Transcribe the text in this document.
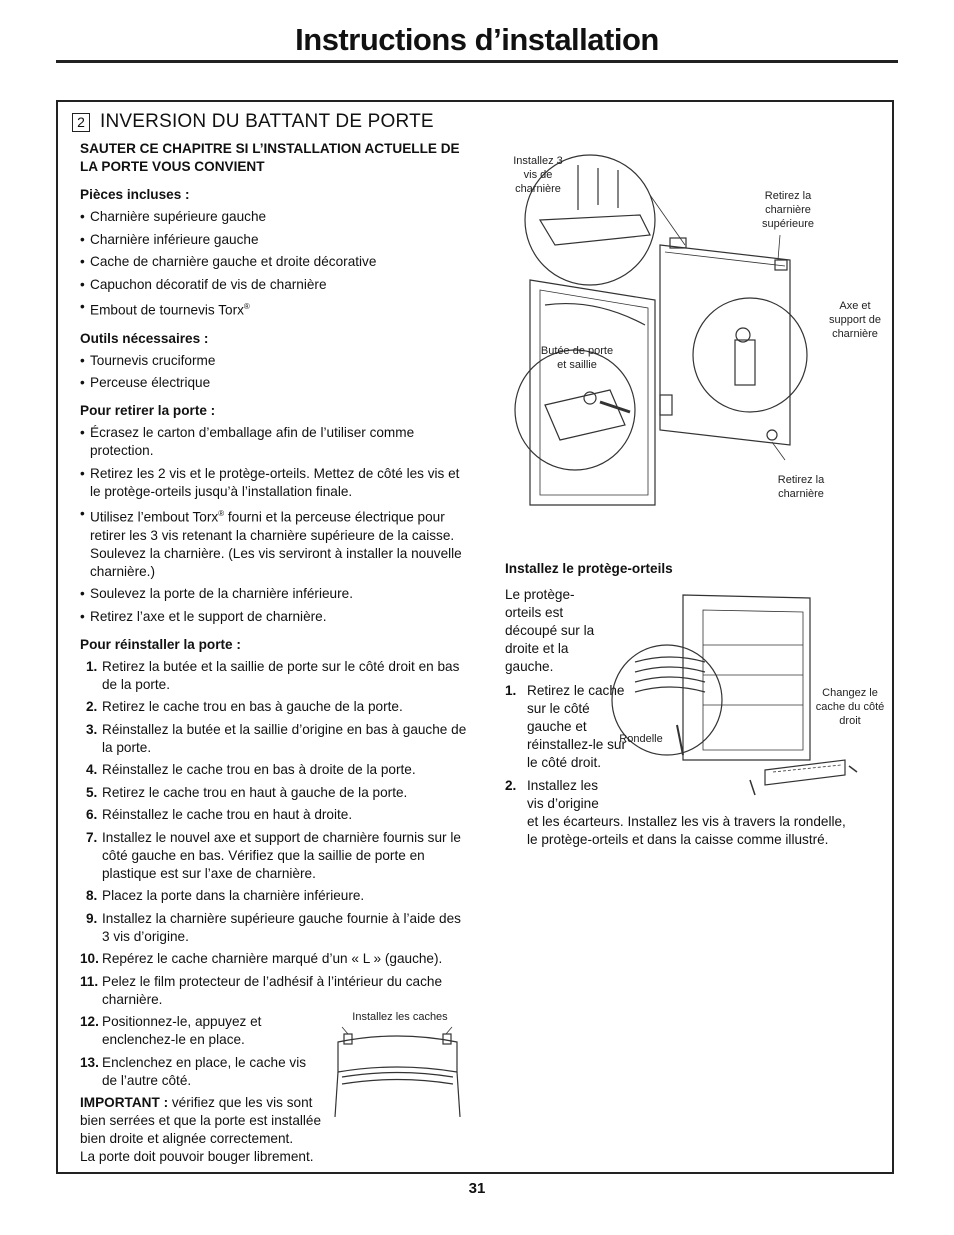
Instructions d’installation
2 INVERSION DU BATTANT DE PORTE

SAUTER CE CHAPITRE SI L’INSTALLATION ACTUELLE DE LA PORTE VOUS CONVIENT

Pièces incluses :

• Charnière supérieure gauche
• Charnière inférieure gauche
• Cache de charnière gauche et droite décorative
• Capuchon décoratif de vis de charnière
• Embout de tournevis Torx®

Outils nécessaires :

• Tournevis cruciforme
• Perceuse électrique

Pour retirer la porte :

• Écrasez le carton d’emballage afin de l’utiliser comme protection.
• Retirez les 2 vis et le protège-orteils. Mettez de côté les vis et le protège-orteils jusqu’à l’installation finale.
• Utilisez l’embout Torx® fourni et la perceuse électrique pour retirer les 3 vis retenant la charnière supérieure de la caisse. Soulevez la charnière. (Les vis serviront à installer la nouvelle charnière.)
• Soulevez la porte de la charnière inférieure.
• Retirez l’axe et le support de charnière.

Pour réinstaller la porte :

1. Retirez la butée et la saillie de porte sur le côté droit en bas de la porte.
2. Retirez le cache trou en bas à gauche de la porte.
3. Réinstallez la butée et la saillie d’origine en bas à gauche de la porte.
4. Réinstallez le cache trou en bas à droite de la porte.
5. Retirez le cache trou en haut à gauche de la porte.
6. Réinstallez le cache trou en haut à droite.
7. Installez le nouvel axe et support de charnière fournis sur le côté gauche en bas. Vérifiez que la saillie de porte en plastique est sur l’axe de charnière.
8. Placez la porte dans la charnière inférieure.
9. Installez la charnière supérieure gauche fournie à l’aide des 3 vis d’origine.
10. Repérez le cache charnière marqué d’un « L » (gauche).
11. Pelez le film protecteur de l’adhésif à l’intérieur du cache charnière.
12. Positionnez-le, appuyez et enclenchez-le en place.
13. Enclenchez en place, le cache vis de l’autre côté.

IMPORTANT : vérifiez que les vis sont bien serrées et que la porte est installée bien droite et alignée correctement.

La porte doit pouvoir bouger librement.

Installez 3 vis de charnière
Retirez la charnière supérieure
Axe et support de charnière
Butée de porte et saillie
Retirez la charnière
Installez les caches

Installez le protège-orteils

Le protège-orteils est découpé sur la droite et la gauche.

1. Retirez le cache sur le côté gauche et réinstallez-le sur le côté droit.
2. Installez les vis d’origine
et les écarteurs. Installez les vis à travers la rondelle, le protège-orteils et dans la caisse comme illustré.
Rondelle
Changez le cache du côté droit
31
